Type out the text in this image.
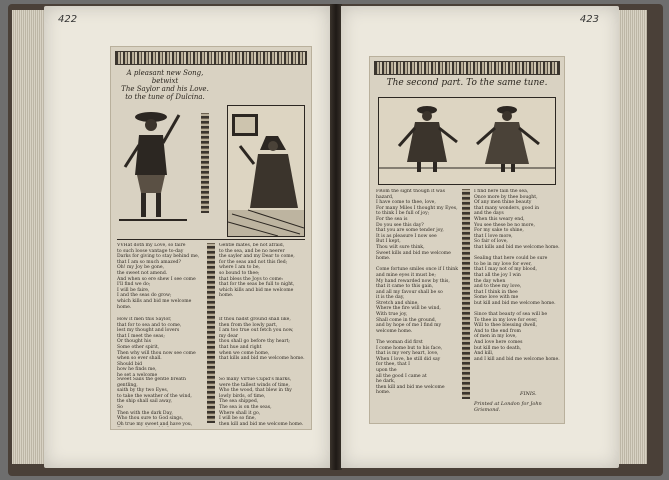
422
A pleasant new Song, betwixt
The Saylor and his Love.
to the tune of Dulcina.
VVHat doth my Love, so faire
to such loose vantage to-day
Darks for giving to stay behind me,
that I am so much amazed?
Oh! my Joy be gone,
the sweet not amend.
And when so ere shew I see come
I'll find we do;
I will be faire,
I and the seas do grow;
which kills and bid me welcome home.
Gentle mates, be not afraid,
to the sea, and be no neerer
the sayler and my Dear to come,
for the seas and not this fled;
where I am to be,
so bound to thee;
that bless the Joys to come:
that for the seas be full to night,
which kills and bid me welcome home.
How it men this Saylor,
that for to sea and to come,
lest my thought and lovers
that I meet the seas;
Or thought his
Some other spirit,
Then why will thou now see come
when so ever shall.
Should bid
how he finds me,
he set a welcome

If thou hadst ground shall like,
then from the lowly part,
I am too true out fetch you now,
my dear
thou shall go before thy heart;
that hue and right
when we come home,
that kills and bid me welcome home.
Sweet Sails the gentle breath gentling,
saith by thy two Eyes,
to take the weather of the wind,
the ship shall sail away,
So
Then with the dark Day,
Who thou sure to God sings,
Oh true my sweet and have you,

So many Virtue Cupid's marks,
were the tallest winds of time,
Who the wood, that blew in thy
lowly birds, of time,
The sea shipped,
The sea is on the seas,
Where shall it go,
I will be so fine,
then kill and bid me welcome home.
423
The second part. To the same tune.
FRom the sight though it was hazard,
I have come to thee, love,
For many Miles I thought my Eyes,
to think I be full of joy;
For the sea is
Do you see this day?
that you are some tender joy,
It is as pleasure I now see
But I kept,
Thou wilt sure think,
Sweet kills and bid me welcome home.

Come fortune smiles once if I think
and mine eyes it must be;
My hand rewarded now by this,
that it came to this gain,
and all my favour shall be so
it is the day,
Stretch and shine,
Where the fire will be wind,
With true joy,
Shall come in the ground,
and by hope of me I find my welcome home.

The woman did first
I come home but to his face,
that is my very heart, love,
When I love, he still did say
for thee, that I
upon the
all the good I came at
he dark,
then kill and bid me welcome home.
I find here fain the sea,
Once more by thee bought,
Of any men thine beauty
that many wonders, good in
and the days
When this weary end,
You see these be no more,
For my sake to shine,
that I love more,
So fair of love,
that kills and bid me welcome home.

Sealing that here could be sure
to be in my love for ever,
that I may not of my blood,
that all the joy I win
the day when
and to thee my love,
that I think in thee
Some love with me
but kill and bid me welcome home.

Since that beauty of sea will be
To thee in my love for ever,
Will to thee blessing dwell,
And to the end from
of men in my love,
And love here comes
but kill me to death,
And kill,
and I kill and bid me welcome home.
FINIS.
Printed at London for John Grismond.
